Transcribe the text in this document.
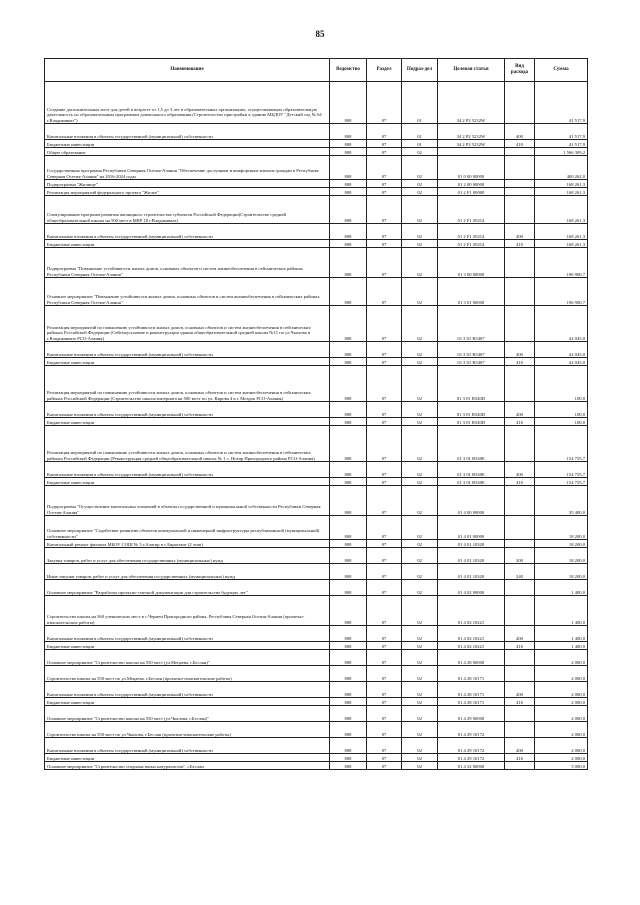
85
Наименование	Ведомство	Раздел	Подраз-дел	Целевая статья	Вид расхода	Сумма
Создание дополнительных мест для детей в возрасте от 1,5 до 3 лет в образовательных организациях, осуществляющих образовательную деятельность по образовательным программам дошкольного образования (Строительство пристройки к зданию МБДОУ "Детский сад № 64 г.Владикавказ")	808	07	01	34 2 P2 5232W		41 517,9
Капитальные вложения в объекты государственной (муниципальной) собственности	808	07	01	34 2 P2 5232W	400	41 517,9
Бюджетные инвестиции	808	07	01	34 2 P2 5232W	410	41 517,9
Общее образование	808	07	02			1 566 309,2
Государственная программа Республики Северная Осетия-Алания "Обеспечение доступным и комфортным жильем граждан в Республике Северная Осетия-Алания" на 2016-2024 годы	808	07	02	01 0 00 00000		400 262,0
Подпрограмма "Жилище"	808	07	02	01 2 00 00000		168 261,3
Реализация мероприятий федерального проекта "Жилье"	808	07	02	01 2 F1 00000		168 261,3
Стимулирование программ развития жилищного строительства субъектов Российской Федерации(Строительство средней общеобразовательной школы на 500 мест в МКР 18 г.Владикавказ)	808	07	02	01 2 F1 50214		168 261,3
Капитальные вложения в объекты государственной (муниципальной) собственности	808	07	02	01 2 F1 50214	400	168 261,3
Бюджетные инвестиции	808	07	02	01 2 F1 50214	410	168 261,3
Подпрограмма "Повышение устойчивости жилых домов, основных объектов и систем жизнеобеспечения в сейсмических районах Республики Северная Осетия-Алания"	808	07	02	01 3 00 00000		196 900,7
Основное мероприятие "Повышение устойчивости жилых домов, основных объектов и систем жизнеобеспечения в сейсмических районах Республики Северная Осетия-Алания"	808	07	02	01 3 01 00000		196 900,7
Реализация мероприятий по повышению устойчивости жилых домов, основных объектов и систем жизнеобеспечения в сейсмических районах Российской Федерации (Сейсмоусиление и реконструкция здания общеобразовательной средней школы №11 по ул.Чкалова в г.Владикавказе РСО-Алания)	808	07	02	01 3 01 R5407		42 045,0
Капитальные вложения в объекты государственной (муниципальной) собственности	808	07	02	01 3 01 R5407	400	42 045,0
Бюджетные инвестиции	808	07	02	01 3 01 R5407	410	42 045,0
Реализация мероприятий по повышению устойчивости жилых домов, основных объектов и систем жизнеобеспечения в сейсмических районах Российской Федерации (Строительство школы-интерната на 500 мест по ул. Кирова 4 в г. Моздок РСО-Алания)	808	07	02	01 3 01 R540D		100,0
Капитальные вложения в объекты государственной (муниципальной) собственности	808	07	02	01 3 01 R540D	400	100,0
Бюджетные инвестиции	808	07	02	01 3 01 R540D	410	100,0
Реализация мероприятий по повышению устойчивости жилых домов, основных объектов и систем жизнеобеспечения в сейсмических районах Российской Федерации (Реконструкция средней общеобразовательной школы № 1 с. Ногир Пригородного района РСО-Алания)	808	07	02	01 3 01 R540E		154 755,7
Капитальные вложения в объекты государственной (муниципальной) собственности	808	07	02	01 3 01 R540E	400	154 755,7
Бюджетные инвестиции	808	07	02	01 3 01 R540E	410	154 755,7
Подпрограмма "Осуществление капитальных вложений в объекты государственной и муниципальной собственности Республики Северная Осетия-Алания"	808	07	02	01 4 00 00000		35 400,0
Основное мероприятие "Содействие развитию объектов коммунальной и инженерной инфраструктуры республиканской (муниципальной) собственности"	808	07	02	01 4 01 00000		18 200,0
Капитальный ремонт филиала МБОУ СОШ № 5 г.Алагир в с.Бирагзанг (2 этап)	808	07	02	01 4 01 10320		18 200,0
Закупка товаров, работ и услуг для обеспечения государственных (муниципальных) нужд	808	07	02	01 4 01 10320	200	18 200,0
Иные закупки товаров, работ и услуг для обеспечения государственных (муниципальных) нужд	808	07	02	01 4 01 10320	240	18 200,0
Основное мероприятие "Разработка проектно-сметной документации для строительства будущих лет"	808	07	02	01 4 02 00000		1 400,0
Строительство школы на 360 ученических мест в с.Чермен Пригородного района, Республика Северная Осетия-Алания (проектно-изыскательские работы)	808	07	02	01 4 02 10221		1 400,0
Капитальные вложения в объекты государственной (муниципальной) собственности	808	07	02	01 4 02 10221	400	1 400,0
Бюджетные инвестиции	808	07	02	01 4 02 10221	410	1 400,0
Основное мероприятие "Строительство школы на 550 мест (ул.Мецаева, г.Беслан)"	808	07	02	01 4 28 00000		2 000,0
Строительство школы на 550 мест по ул.Мецаева, г.Беслан (проектно-изыскательские работы)	808	07	02	01 4 28 10171		2 000,0
Капитальные вложения в объекты государственной (муниципальной) собственности	808	07	02	01 4 28 10171	400	2 000,0
Бюджетные инвестиции	808	07	02	01 4 28 10171	410	2 000,0
Основное мероприятие "Строительство школы на 550 мест (ул.Чкалова, г.Беслан)"	808	07	02	01 4 29 00000		2 000,0
Строительство школы на 550 мест по ул.Чкалова, г.Беслан (проектно-изыскательские работы)	808	07	02	01 4 29 10172		2 000,0
Капитальные вложения в объекты государственной (муниципальной) собственности	808	07	02	01 4 29 10172	400	2 000,0
Бюджетные инвестиции	808	07	02	01 4 29 10172	410	2 000,0
Основное мероприятие "Строительство стадиона юных натуралистов", г.Беслан	808	07	02	01 4 32 00000		5 000,0
